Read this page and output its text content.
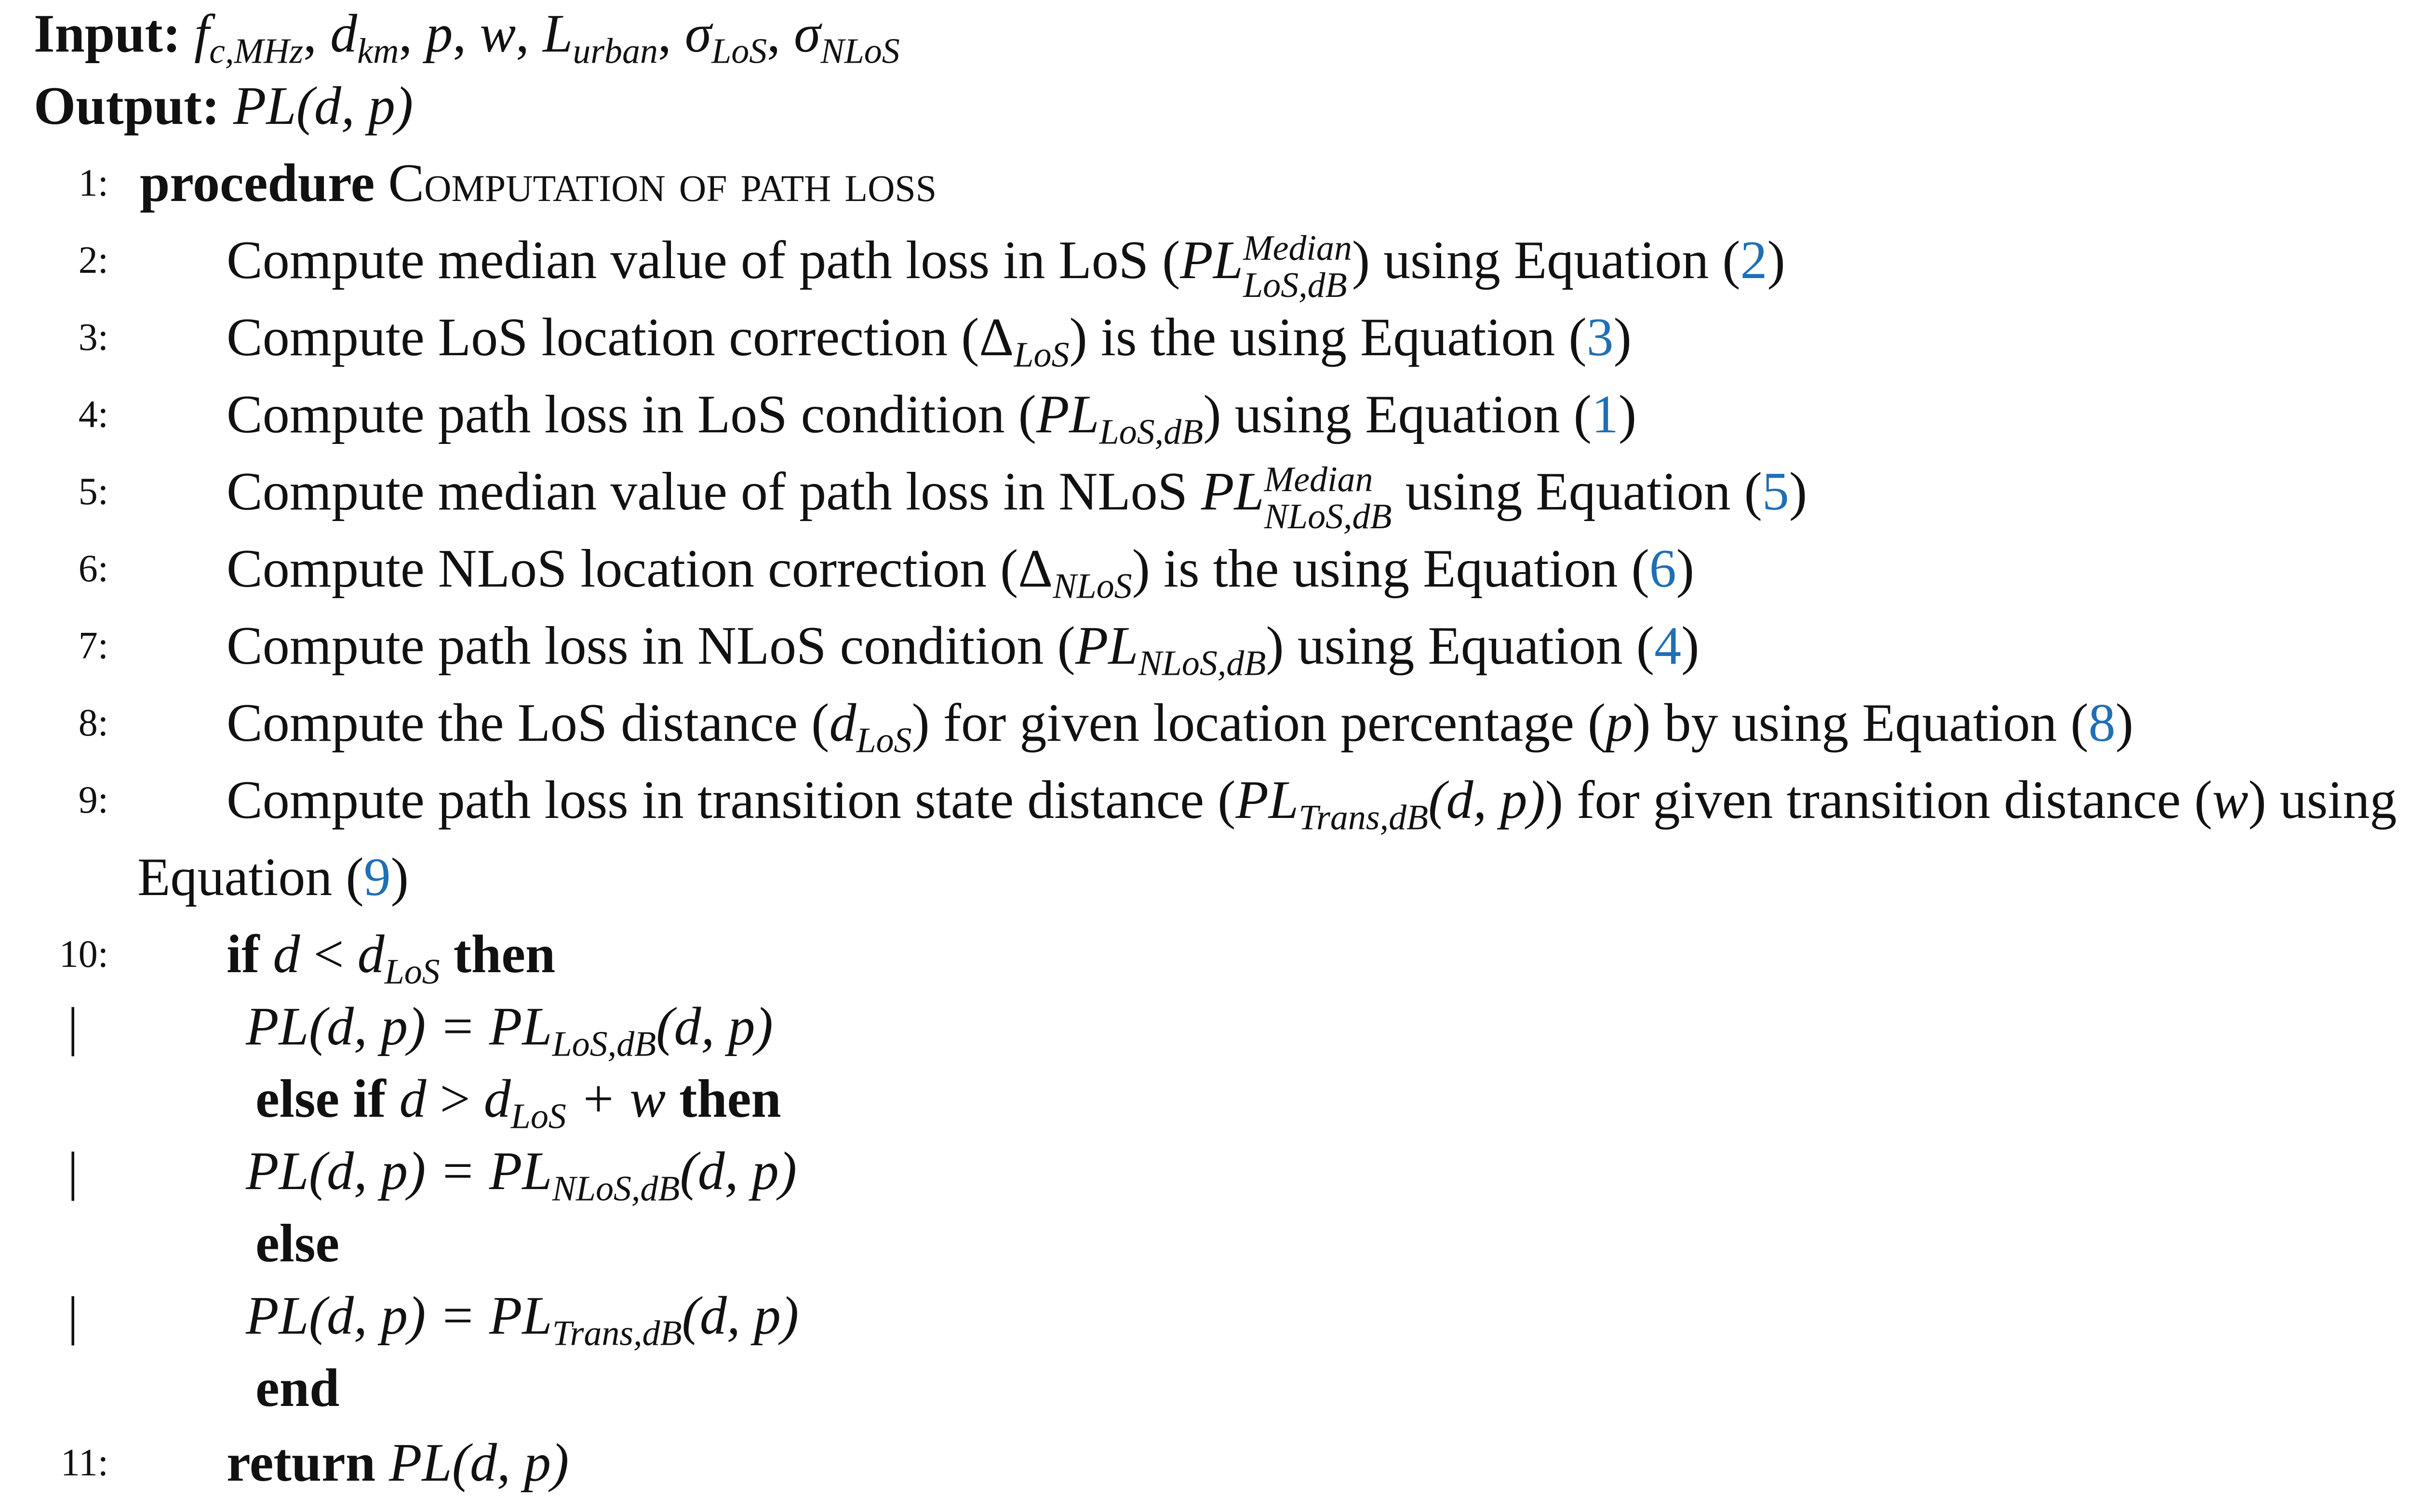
Input: $f_{c,MHz}$, $d_{km}$, p, w, $L_{urban}$, $\sigma_{LoS}$, $\sigma_{NLoS}$
Output: PL(d, p)
1: procedure Computation of path loss
2: Compute median value of path loss in LoS (PL Median
LoS,dB ) using Equation (2)
3: Compute LoS location correction $(\Delta_{LoS})$ is the using Equation (3)
4: Compute path loss in LoS condition $(PL_{LoS,dB})$ using Equation (1)
5: Compute median value of path loss in NLoS PL Median
NLoS,dB using Equation (5)
6: Compute NLoS location correction $(\Delta_{NLoS})$ is the using Equation (6)
7: Compute path loss in NLoS condition $(PL_{NLoS,dB})$ using Equation (4)
8: Compute the LoS distance $(d_{LoS})$ for given location percentage (p) by using Equation (8)
9: Compute path loss in transition state distance ($PL_{Trans,dB}(d$, p)) for given transition distance (w) using
Equation (9)
10: if $d < d_{LoS}$ then
|	PL(d, $p) = PL_{LoS,dB}(d$, p)
else if $d > d_{LoS} + w$ then
|	PL(d, $p) = PL_{NLoS,dB}(d$, p)
else
|	PL(d, $p) = PL_{Trans,dB}(d$, p)
end
11: return PL(d, p)
